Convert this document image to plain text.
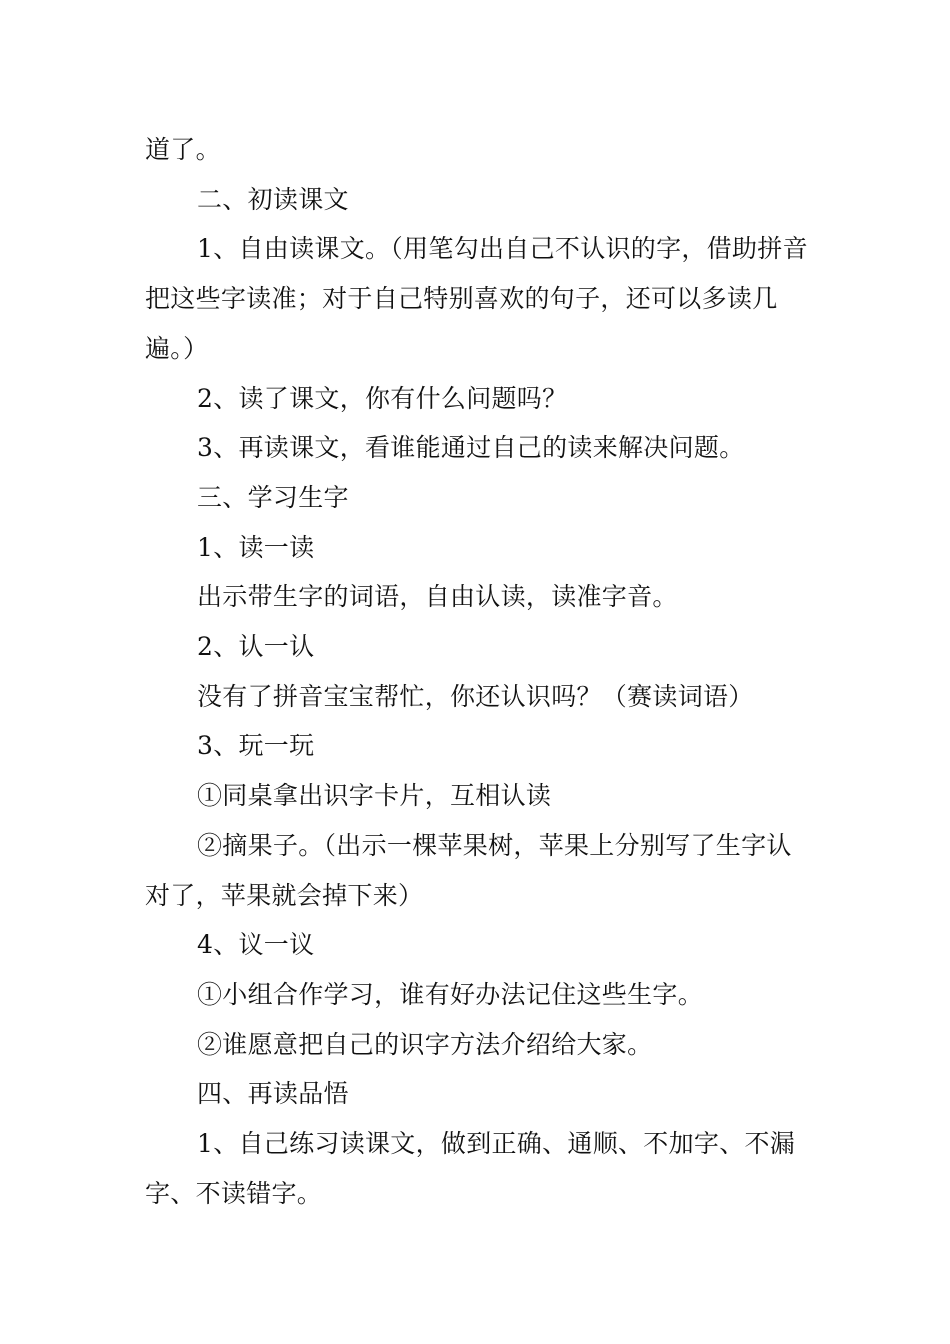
道了。

二、初读课文

1、自由读课文。（用笔勾出自己不认识的字，借助拼音把这些字读准；对于自己特别喜欢的句子，还可以多读几遍。）

2、读了课文，你有什么问题吗？

3、再读课文，看谁能通过自己的读来解决问题。

三、学习生字

1、读一读

出示带生字的词语，自由认读，读准字音。

2、认一认

没有了拼音宝宝帮忙，你还认识吗？（赛读词语）

3、玩一玩

①同桌拿出识字卡片，互相认读

②摘果子。（出示一棵苹果树，苹果上分别写了生字认对了，苹果就会掉下来）

4、议一议

①小组合作学习，谁有好办法记住这些生字。

②谁愿意把自己的识字方法介绍给大家。

四、再读品悟

1、自己练习读课文，做到正确、通顺、不加字、不漏字、不读错字。
